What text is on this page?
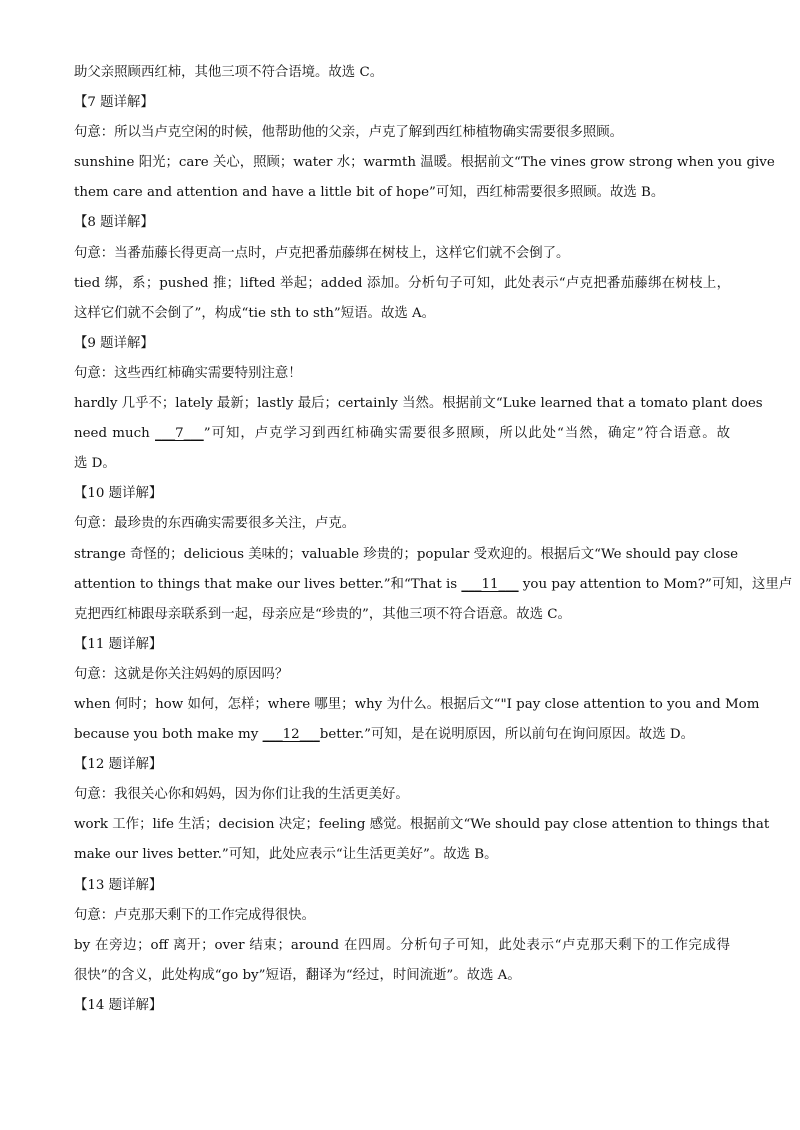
助父亲照顾西红柿，其他三项不符合语境。故选 C。
【7 题详解】
句意：所以当卢克空闲的时候，他帮助他的父亲，卢克了解到西红柿植物确实需要很多照顾。
sunshine 阳光；care 关心，照顾；water 水；warmth 温暖。根据前文“The vines grow strong when you give
them care and attention and have a little bit of hope”可知，西红柿需要很多照顾。故选 B。
【8 题详解】
句意：当番茄藤长得更高一点时，卢克把番茄藤绑在树枝上，这样它们就不会倒了。
tied 绑，系；pushed 推；lifted 举起；added 添加。分析句子可知，此处表示“卢克把番茄藤绑在树枝上，
这样它们就不会倒了”，构成“tie sth to sth”短语。故选 A。
【9 题详解】
句意：这些西红柿确实需要特别注意！
hardly 几乎不；lately 最新；lastly 最后；certainly 当然。根据前文“Luke learned that a tomato plant does
need much ___7___”可知，卢克学习到西红柿确实需要很多照顾，所以此处“当然，确定”符合语意。故
选 D。
【10 题详解】
句意：最珍贵的东西确实需要很多关注，卢克。
strange 奇怪的；delicious 美味的；valuable 珍贵的；popular 受欢迎的。根据后文“We should pay close
attention to things that make our lives better.”和“That is ___11___ you pay attention to Mom?”可知，这里卢
克把西红柿跟母亲联系到一起，母亲应是“珍贵的”，其他三项不符合语意。故选 C。
【11 题详解】
句意：这就是你关注妈妈的原因吗？
when 何时；how 如何，怎样；where 哪里；why 为什么。根据后文“"I pay close attention to you and Mom
because you both make my ___12___better.”可知，是在说明原因，所以前句在询问原因。故选 D。
【12 题详解】
句意：我很关心你和妈妈，因为你们让我的生活更美好。
work 工作；life 生活；decision 决定；feeling 感觉。根据前文“We should pay close attention to things that
make our lives better.”可知，此处应表示“让生活更美好”。故选 B。
【13 题详解】
句意：卢克那天剩下的工作完成得很快。
by 在旁边；off 离开；over 结束；around 在四周。分析句子可知，此处表示“卢克那天剩下的工作完成得
很快”的含义，此处构成“go by”短语，翻译为“经过，时间流逝”。故选 A。
【14 题详解】
